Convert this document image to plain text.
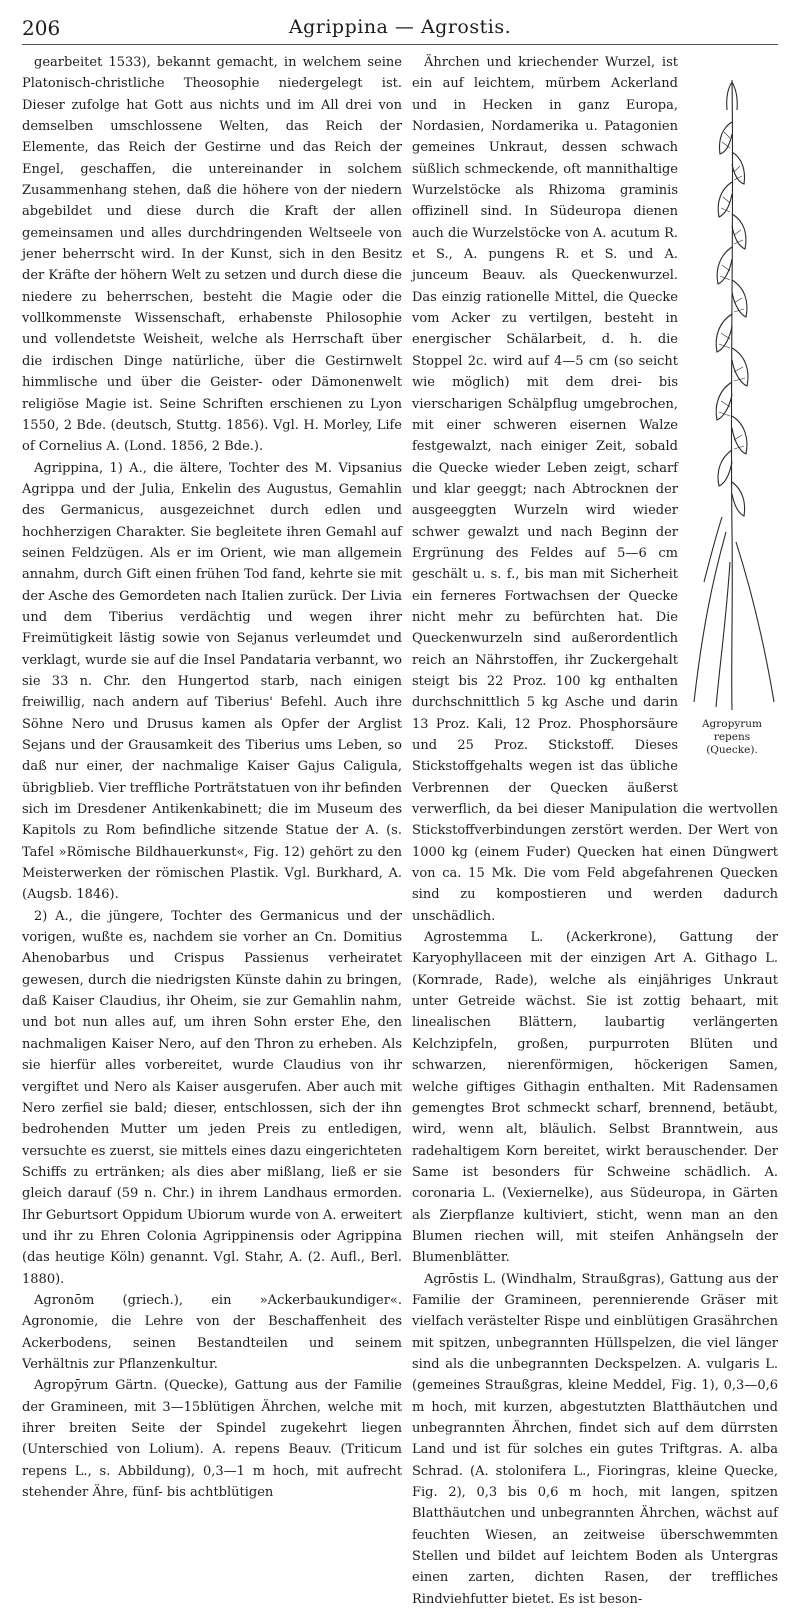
206	Agrippina — Agrostis.

gearbeitet 1533), bekannt gemacht, in welchem seine Platonisch-christliche Theosophie niedergelegt ist. Dieser zufolge hat Gott aus nichts und im All drei von demselben umschlossene Welten, das Reich der Elemente, das Reich der Gestirne und das Reich der Engel, geschaffen, die untereinander in solchem Zusammenhang stehen, daß die höhere von der niedern abgebildet und diese durch die Kraft der allen gemeinsamen und alles durchdringenden Weltseele von jener beherrscht wird. In der Kunst, sich in den Besitz der Kräfte der höhern Welt zu setzen und durch diese die niedere zu beherrschen, besteht die Magie oder die vollkommenste Wissenschaft, erhabenste Philosophie und vollendetste Weisheit, welche als Herrschaft über die irdischen Dinge natürliche, über die Gestirnwelt himmlische und über die Geister- oder Dämonenwelt religiöse Magie ist. Seine Schriften erschienen zu Lyon 1550, 2 Bde. (deutsch, Stuttg. 1856). Vgl. H. Morley, Life of Cornelius A. (Lond. 1856, 2 Bde.).

Agrippina, 1) A., die ältere, Tochter des M. Vipsanius Agrippa und der Julia, Enkelin des Augustus, Gemahlin des Germanicus, ausgezeichnet durch edlen und hochherzigen Charakter. Sie begleitete ihren Gemahl auf seinen Feldzügen. Als er im Orient, wie man allgemein annahm, durch Gift einen frühen Tod fand, kehrte sie mit der Asche des Gemordeten nach Italien zurück. Der Livia und dem Tiberius verdächtig und wegen ihrer Freimütigkeit lästig sowie von Sejanus verleumdet und verklagt, wurde sie auf die Insel Pandataria verbannt, wo sie 33 n. Chr. den Hungertod starb, nach einigen freiwillig, nach andern auf Tiberius' Befehl. Auch ihre Söhne Nero und Drusus kamen als Opfer der Arglist Sejans und der Grausamkeit des Tiberius ums Leben, so daß nur einer, der nachmalige Kaiser Gajus Caligula, übrigblieb. Vier treffliche Porträtstatuen von ihr befinden sich im Dresdener Antikenkabinett; die im Museum des Kapitols zu Rom befindliche sitzende Statue der A. (s. Tafel »Römische Bildhauerkunst«, Fig. 12) gehört zu den Meisterwerken der römischen Plastik. Vgl. Burkhard, A. (Augsb. 1846).

2) A., die jüngere, Tochter des Germanicus und der vorigen, wußte es, nachdem sie vorher an Cn. Domitius Ahenobarbus und Crispus Passienus verheiratet gewesen, durch die niedrigsten Künste dahin zu bringen, daß Kaiser Claudius, ihr Oheim, sie zur Gemahlin nahm, und bot nun alles auf, um ihren Sohn erster Ehe, den nachmaligen Kaiser Nero, auf den Thron zu erheben. Als sie hierfür alles vorbereitet, wurde Claudius von ihr vergiftet und Nero als Kaiser ausgerufen. Aber auch mit Nero zerfiel sie bald; dieser, entschlossen, sich der ihn bedrohenden Mutter um jeden Preis zu entledigen, versuchte es zuerst, sie mittels eines dazu eingerichteten Schiffs zu ertränken; als dies aber mißlang, ließ er sie gleich darauf (59 n. Chr.) in ihrem Landhaus ermorden. Ihr Geburtsort Oppidum Ubiorum wurde von A. erweitert und ihr zu Ehren Colonia Agrippinensis oder Agrippina (das heutige Köln) genannt. Vgl. Stahr, A. (2. Aufl., Berl. 1880).

Agronōm (griech.), ein »Ackerbaukundiger«. Agronomie, die Lehre von der Beschaffenheit des Ackerbodens, seinen Bestandteilen und seinem Verhältnis zur Pflanzenkultur.

Agropȳrum Gärtn. (Quecke), Gattung aus der Familie der Gramineen, mit 3—15blütigen Ährchen, welche mit ihrer breiten Seite der Spindel zugekehrt liegen (Unterschied von Lolium). A. repens Beauv. (Triticum repens L., s. Abbildung), 0,3—1 m hoch, mit aufrecht stehender Ähre, fünf- bis achtblütigen

Agropyrum
repens
(Quecke).

Ährchen und kriechender Wurzel, ist ein auf leichtem, mürbem Ackerland und in Hecken in ganz Europa, Nordasien, Nordamerika u. Patagonien gemeines Unkraut, dessen schwach süßlich schmeckende, oft mannithaltige Wurzelstöcke als Rhizoma graminis offizinell sind. In Südeuropa dienen auch die Wurzelstöcke von A. acutum R. et S., A. pungens R. et S. und A. junceum Beauv. als Queckenwurzel. Das einzig rationelle Mittel, die Quecke vom Acker zu vertilgen, besteht in energischer Schälarbeit, d. h. die Stoppel 2c. wird auf 4—5 cm (so seicht wie möglich) mit dem drei- bis vierscharigen Schälpflug umgebrochen, mit einer schweren eisernen Walze festgewalzt, nach einiger Zeit, sobald die Quecke wieder Leben zeigt, scharf und klar geeggt; nach Abtrocknen der ausgeeggten Wurzeln wird wieder schwer gewalzt und nach Beginn der Ergrünung des Feldes auf 5—6 cm geschält u. s. f., bis man mit Sicherheit ein ferneres Fortwachsen der Quecke nicht mehr zu befürchten hat. Die Queckenwurzeln sind außerordentlich reich an Nährstoffen, ihr Zuckergehalt steigt bis 22 Proz. 100 kg enthalten durchschnittlich 5 kg Asche und darin 13 Proz. Kali, 12 Proz. Phosphorsäure und 25 Proz. Stickstoff. Dieses Stickstoffgehalts wegen ist das übliche Verbrennen der Quecken äußerst verwerflich, da bei dieser Manipulation die wertvollen Stickstoffverbindungen zerstört werden. Der Wert von 1000 kg (einem Fuder) Quecken hat einen Düngwert von ca. 15 Mk. Die vom Feld abgefahrenen Quecken sind zu kompostieren und werden dadurch unschädlich.

Agrostemma L. (Ackerkrone), Gattung der Karyophyllaceen mit der einzigen Art A. Githago L. (Kornrade, Rade), welche als einjähriges Unkraut unter Getreide wächst. Sie ist zottig behaart, mit linealischen Blättern, laubartig verlängerten Kelchzipfeln, großen, purpurroten Blüten und schwarzen, nierenförmigen, höckerigen Samen, welche giftiges Githagin enthalten. Mit Radensamen gemengtes Brot schmeckt scharf, brennend, betäubt, wird, wenn alt, bläulich. Selbst Branntwein, aus radehaltigem Korn bereitet, wirkt berauschender. Der Same ist besonders für Schweine schädlich. A. coronaria L. (Vexiernelke), aus Südeuropa, in Gärten als Zierpflanze kultiviert, sticht, wenn man an den Blumen riechen will, mit steifen Anhängseln der Blumenblätter.

Agrōstis L. (Windhalm, Straußgras), Gattung aus der Familie der Gramineen, perennierende Gräser mit vielfach verästelter Rispe und einblütigen Grasährchen mit spitzen, unbegrannten Hüllspelzen, die viel länger sind als die unbegrannten Deckspelzen. A. vulgaris L. (gemeines Straußgras, kleine Meddel, Fig. 1), 0,3—0,6 m hoch, mit kurzen, abgestutzten Blatthäutchen und unbegrannten Ährchen, findet sich auf dem dürrsten Land und ist für solches ein gutes Triftgras. A. alba Schrad. (A. stolonifera L., Fioringras, kleine Quecke, Fig. 2), 0,3 bis 0,6 m hoch, mit langen, spitzen Blatthäutchen und unbegrannten Ährchen, wächst auf feuchten Wiesen, an zeitweise überschwemmten Stellen und bildet auf leichtem Boden als Untergras einen zarten, dichten Rasen, der treffliches Rindviehfutter bietet. Es ist beson-
